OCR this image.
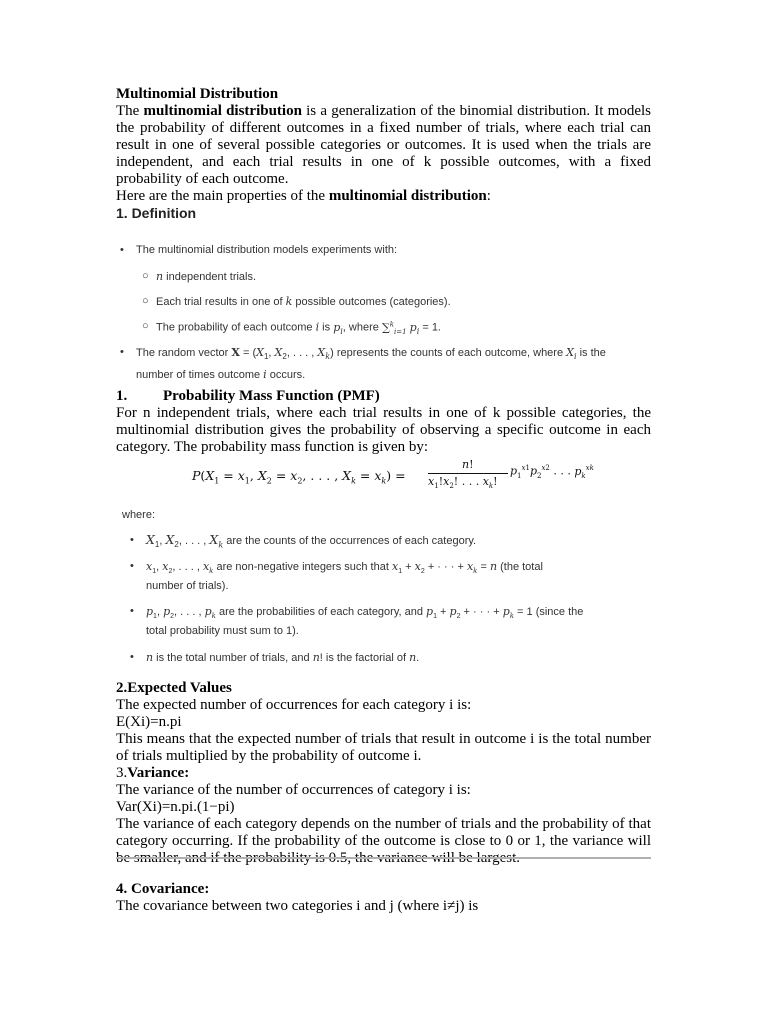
Multinomial Distribution

The multinomial distribution is a generalization of the binomial distribution. It models the probability of different outcomes in a fixed number of trials, where each trial can result in one of several possible categories or outcomes. It is used when the trials are independent, and each trial results in one of k possible outcomes, with a fixed probability of each outcome.

Here are the main properties of the multinomial distribution:

1. Definition

• The multinomial distribution models experiments with:
○ n independent trials.
○ Each trial results in one of k possible outcomes (categories).
○ The probability of each outcome i is $p_i$, where ∑$^k_{i=1}$ $p_i = 1$.
• The random vector $X = (X_1$, $X_2$, . . . , $X_k$) represents the counts of each outcome, where $X_i$ is the
number of times outcome i occurs.

1. Probability Mass Function (PMF)

For n independent trials, where each trial results in one of k possible categories, the multinomial distribution gives the probability of observing a specific outcome in each category. The probability mass function is given by:

$P(X_1 = x_1$, $X_2 = x_2$, . . . , $X_k = x_k$) =
n!
$x_1!x_2$! . . . $x_k$!
$p_1^{x1}p_2^{x2}$ . . . $p_k^{xk}$
where:
• $X_1$, $X_2$, . . . , $X_k$ are the counts of the occurrences of each category.
• $x_1$, $x_2$, . . . , $x_k$ are non-negative integers such that $x_1 + x_2$ + · · · + $x_k = n$ (the total
number of trials).
• $p_1$, $p_2$, . . . , $p_k$ are the probabilities of each category, and $p_1 + p_2$ + · · · + $p_k = 1$ (since the
total probability must sum to 1).
• n is the total number of trials, and n! is the factorial of n.

2.Expected Values

The expected number of occurrences for each category i is:

E(Xi)=n.pi

This means that the expected number of trials that result in outcome i is the total number of trials multiplied by the probability of outcome i.

3.Variance:

The variance of the number of occurrences of category i is:

Var(Xi)=n.pi.(1−pi)

The variance of each category depends on the number of trials and the probability of that category occurring. If the probability of the outcome is close to 0 or 1, the variance will be smaller, and if the probability is 0.5, the variance will be largest.

4. Covariance:

The covariance between two categories i and j (where i≠j) is
